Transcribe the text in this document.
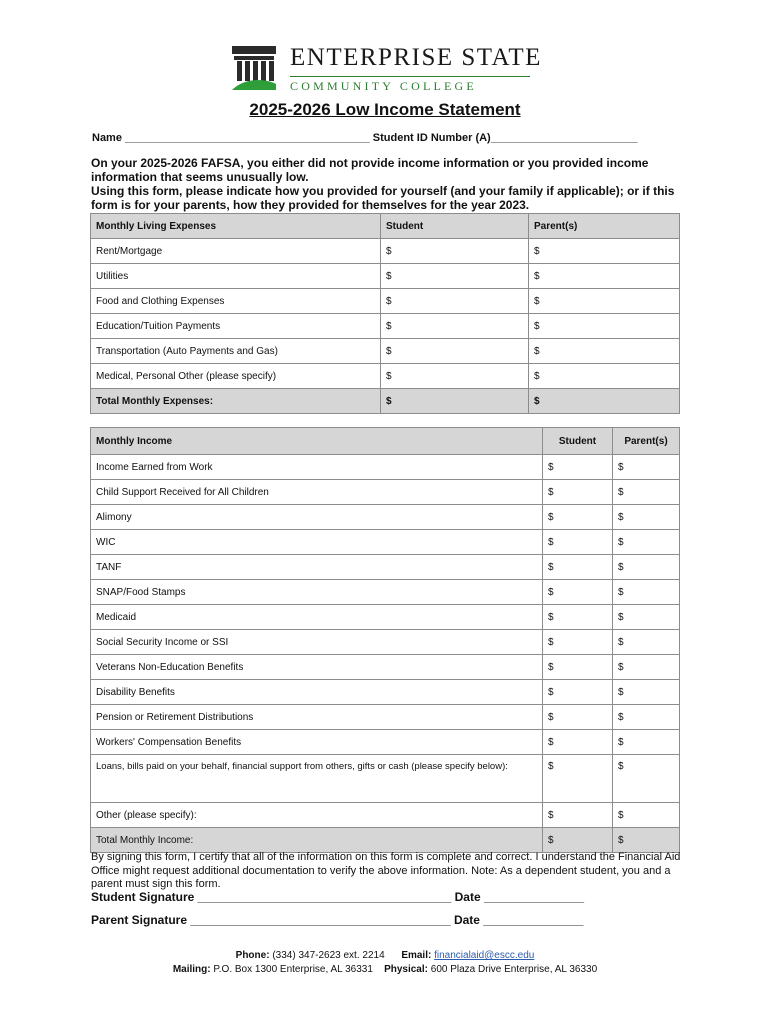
ENTERPRISE STATE
COMMUNITY COLLEGE
2025-2026 Low Income Statement
Name ________________________________________ Student ID Number (A)________________________

On your 2025-2026 FAFSA, you either did not provide income information or you provided income information that seems unusually low.

Using this form, please indicate how you provided for yourself (and your family if applicable); or if this form is for your parents, how they provided for themselves for the year 2023.

Monthly Living Expenses	Student	Parent(s)
Rent/Mortgage	$	$
Utilities	$	$
Food and Clothing Expenses	$	$
Education/Tuition Payments	$	$
Transportation (Auto Payments and Gas)	$	$
Medical, Personal Other (please specify)	$	$
Total Monthly Expenses:	$	$
Monthly Income	Student	Parent(s)
Income Earned from Work	$	$
Child Support Received for All Children	$	$
Alimony	$	$
WIC	$	$
TANF	$	$
SNAP/Food Stamps	$	$
Medicaid	$	$
Social Security Income or SSI	$	$
Veterans Non-Education Benefits	$	$
Disability Benefits	$	$
Pension or Retirement Distributions	$	$
Workers' Compensation Benefits	$	$
Loans, bills paid on your behalf, financial support from others, gifts or cash (please specify below):	$	$
Other (please specify):	$	$
Total Monthly Income:	$	$
By signing this form, I certify that all of the information on this form is complete and correct. I understand the Financial Aid Office might request additional documentation to verify the above information. Note: As a dependent student, you and a parent must sign this form.
Student Signature ______________________________________ Date _______________
Parent Signature _______________________________________ Date _______________
Phone: (334) 347-2623 ext. 2214 Email: financialaid@escc.edu
Mailing: P.O. Box 1300 Enterprise, AL 36331 Physical: 600 Plaza Drive Enterprise, AL 36330
